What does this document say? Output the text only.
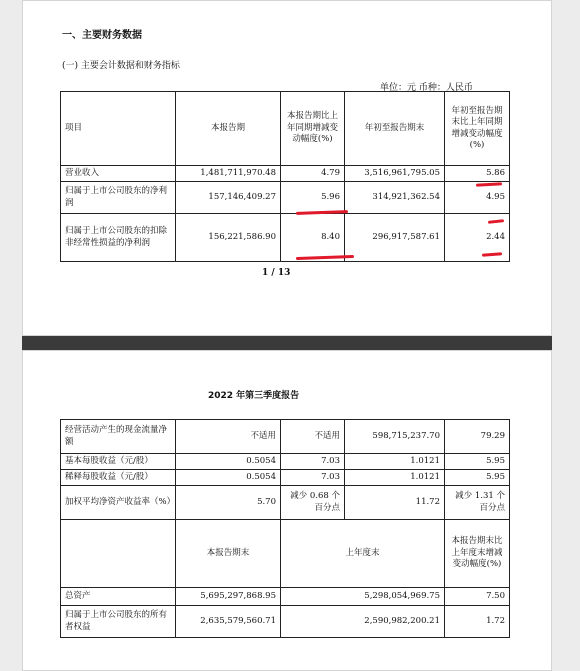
一、主要财务数据
(一) 主要会计数据和财务指标
单位：元 币种：人民币
项目	本报告期	本报告期比上年同期增减变动幅度(%)	年初至报告期末	年初至报告期末比上年同期增减变动幅度(%)
营业收入	1,481,711,970.48	4.79	3,516,961,795.05	5.86
归属于上市公司股东的净利润	157,146,409.27	5.96	314,921,362.54	4.95
归属于上市公司股东的扣除非经常性损益的净利润	156,221,586.90	8.40	296,917,587.61	2.44
1 / 13
2022 年第三季度报告
经营活动产生的现金流量净额	不适用	不适用	598,715,237.70	79.29
基本每股收益（元/股）	0.5054	7.03	1.0121	5.95
稀释每股收益（元/股）	0.5054	7.03	1.0121	5.95
加权平均净资产收益率（%）	5.70	减少 0.68 个百分点	11.72	减少 1.31 个百分点
	本报告期末	上年度末		本报告期末比上年度末增减变动幅度(%)
总资产	5,695,297,868.95	5,298,054,969.75		7.50
归属于上市公司股东的所有者权益	2,635,579,560.71	2,590,982,200.21		1.72
